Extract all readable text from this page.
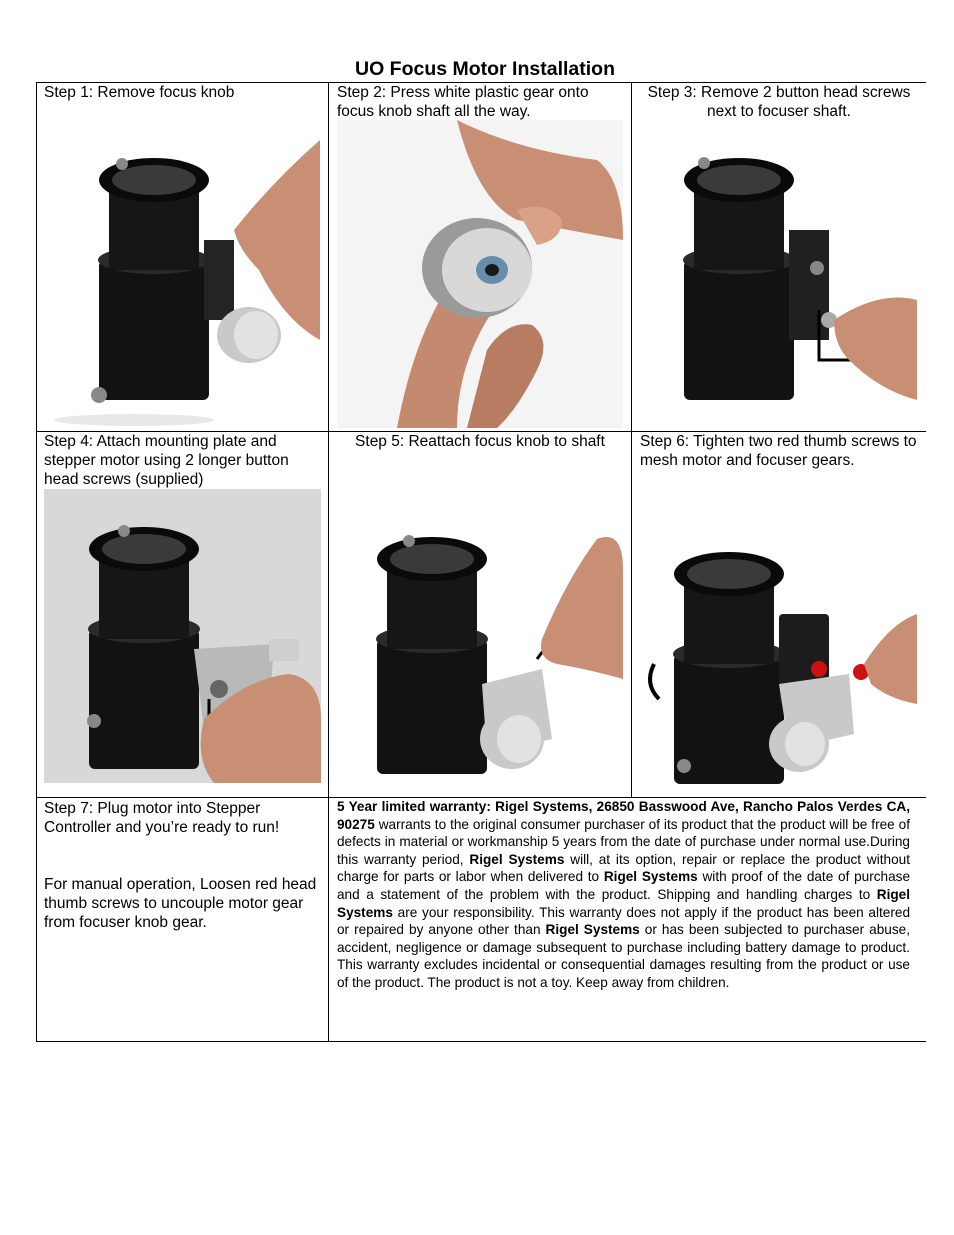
UO Focus Motor Installation
Step 1: Remove focus knob	Step 2: Press white plastic gear onto focus knob shaft all the way.
Step 3: Remove 2 button head screws next to focuser shaft.
Step 4: Attach mounting plate and stepper motor using 2 longer button head screws (supplied)
Step 5: Reattach focus knob to shaft	Step 6: Tighten two red thumb screws to mesh motor and focuser gears.
Step 7: Plug motor into Stepper Controller and you’re ready to run!
For manual operation, Loosen red head thumb screws to uncouple motor gear from focuser knob gear.
5 Year limited warranty: Rigel Systems, 26850 Basswood Ave, Rancho Palos Verdes CA, 90275 warrants to the original consumer purchaser of its product that the product will be free of defects in material or workmanship 5 years from the date of purchase under normal use.During this warranty period, Rigel Systems will, at its option, repair or replace the product without charge for parts or labor when delivered to Rigel Systems with proof of the date of purchase and a statement of the problem with the product. Shipping and handling charges to Rigel Systems are your responsibility. This warranty does not apply if the product has been altered or repaired by anyone other than Rigel Systems or has been subjected to purchaser abuse, accident, negligence or damage subsequent to purchase including battery damage to product. This warranty excludes incidental or consequential damages resulting from the product or use of the product. The product is not a toy. Keep away from children.
